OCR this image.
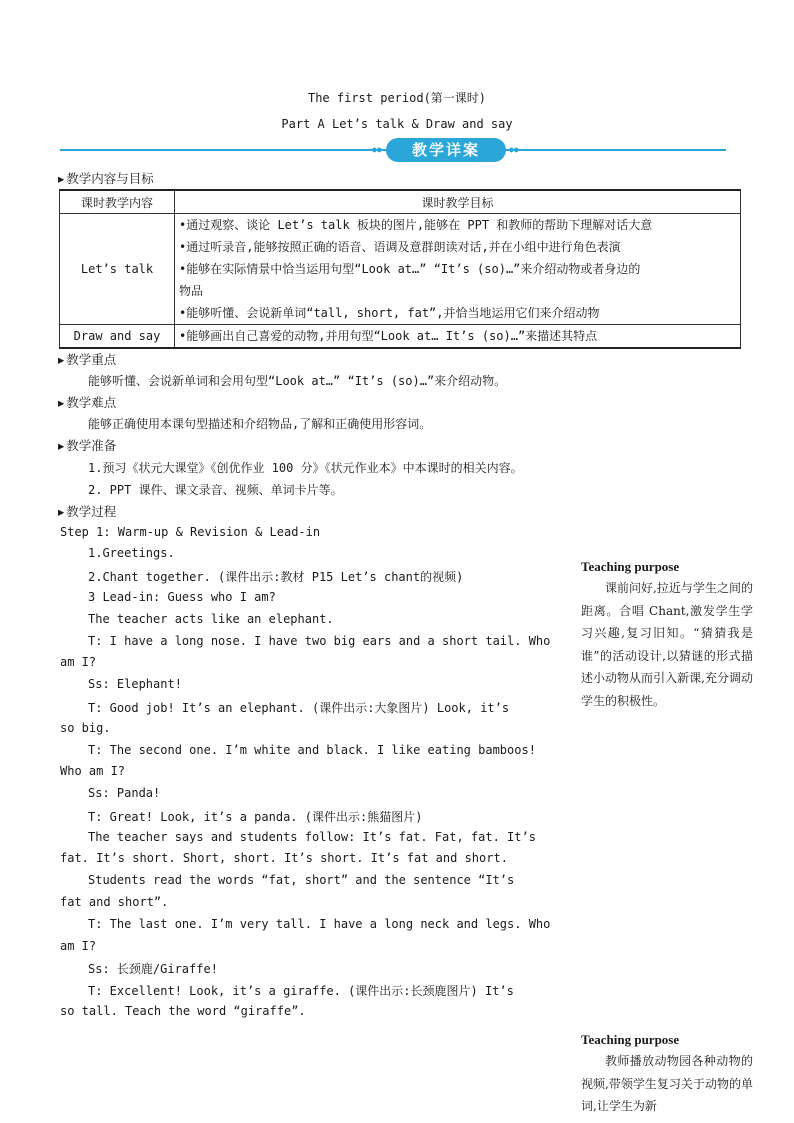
The first period(第一课时)
Part A Let’s talk & Draw and say
●●	教学详案	●●
▸ 教学内容与目标
课时教学内容	课时教学目标
Let’s talk	•通过观察、谈论 Let’s talk 板块的图片,能够在 PPT 和教师的帮助下理解对话大意
•通过听录音,能够按照正确的语音、语调及意群朗读对话,并在小组中进行角色表演
•能够在实际情景中恰当运用句型“Look at…” “It’s (so)…”来介绍动物或者身边的
物品
•能够听懂、会说新单词“tall, short, fat”,并恰当地运用它们来介绍动物

Draw and say	•能够画出自己喜爱的动物,并用句型“Look at… It’s (so)…”来描述其特点
▸ 教学重点
能够听懂、会说新单词和会用句型“Look at…” “It’s (so)…”来介绍动物。
▸ 教学难点
能够正确使用本课句型描述和介绍物品,了解和正确使用形容词。
▸ 教学准备
1.预习《状元大课堂》《创优作业 100 分》《状元作业本》中本课时的相关内容。
2. PPT 课件、课文录音、视频、单词卡片等。
▸ 教学过程
Step 1: Warm-up & Revision & Lead-in
1.Greetings.
2.Chant together. (课件出示:教材 P15 Let’s chant的视频)
3 Lead-in: Guess who I am?
The teacher acts like an elephant.
T: I have a long nose. I have two big ears and a short tail. Who
am I?
Ss: Elephant!
T: Good job! It’s an elephant. (课件出示:大象图片) Look, it’s
so big.
T: The second one. I’m white and black. I like eating bamboos!
Who am I?
Ss: Panda!
T: Great! Look, it’s a panda. (课件出示:熊猫图片)
The teacher says and students follow: It’s fat. Fat, fat. It’s
fat. It’s short. Short, short. It’s short. It’s fat and short.
Students read the words “fat, short” and the sentence “It’s
fat and short”.
T: The last one. I’m very tall. I have a long neck and legs. Who
am I?
Ss: 长颈鹿/Giraffe!
T: Excellent! Look, it’s a giraffe. (课件出示:长颈鹿图片) It’s
so tall. Teach the word “giraffe”.
Teaching purpose
课前问好,拉近与学生之间的距离。合唱 Chant,激发学生学习兴趣,复习旧知。“猜猜我是谁”的活动设计,以猜谜的形式描述小动物从而引入新课,充分调动学生的积极性。
Teaching purpose
教师播放动物园各种动物的视频,带领学生复习关于动物的单词,让学生为新
